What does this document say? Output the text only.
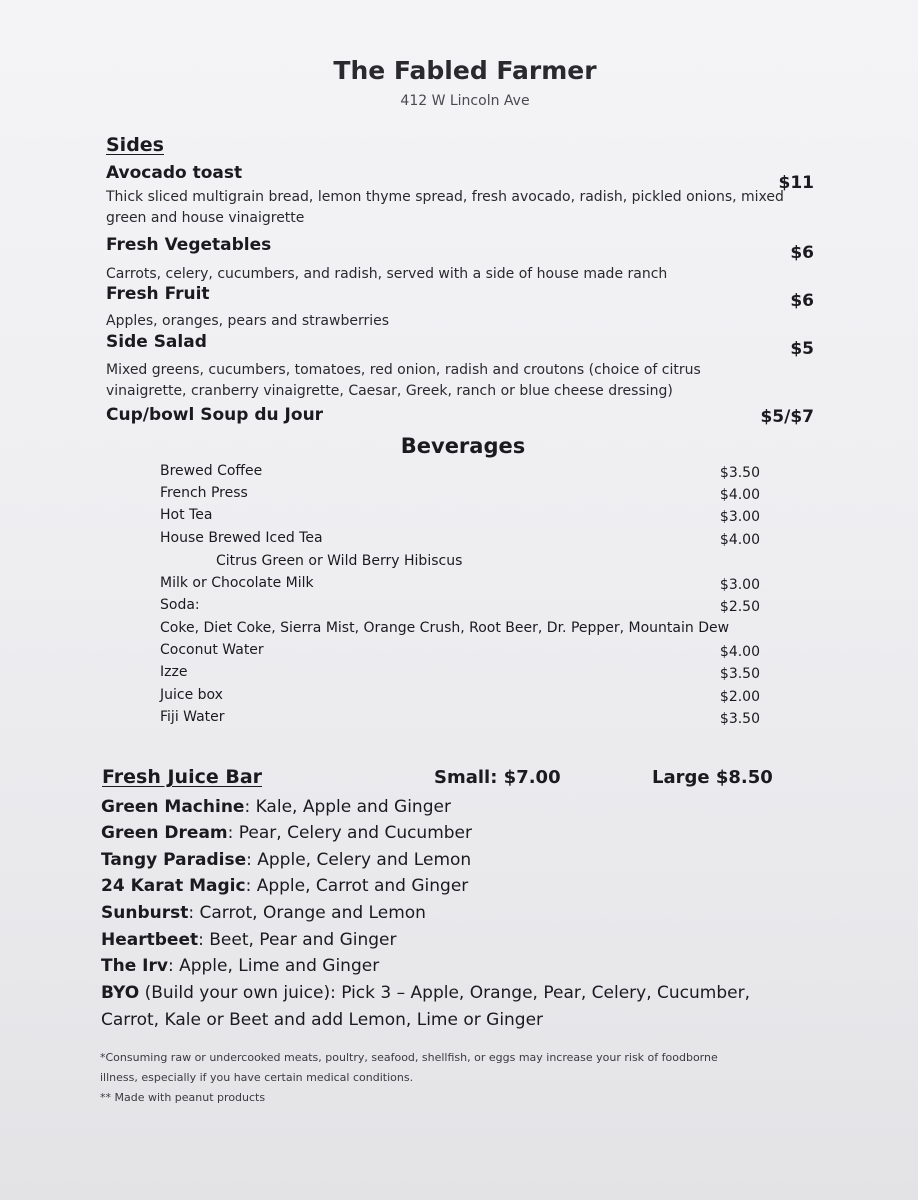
The Fabled Farmer
412 W Lincoln Ave
Sides
Avocado toast	$11
Thick sliced multigrain bread, lemon thyme spread, fresh avocado, radish, pickled onions, mixed green and house vinaigrette
Fresh Vegetables	$6
Carrots, celery, cucumbers, and radish, served with a side of house made ranch
Fresh Fruit	$6
Apples, oranges, pears and strawberries
Side Salad	$5
Mixed greens, cucumbers, tomatoes, red onion, radish and croutons (choice of citrus vinaigrette, cranberry vinaigrette, Caesar, Greek, ranch or blue cheese dressing)
Cup/bowl Soup du Jour	$5/$7
Beverages
Brewed Coffee	$3.50
French Press	$4.00
Hot Tea	$3.00
House Brewed Iced Tea	$4.00
Citrus Green or Wild Berry Hibiscus
Milk or Chocolate Milk	$3.00
Soda:	$2.50
Coke, Diet Coke, Sierra Mist, Orange Crush, Root Beer, Dr. Pepper, Mountain Dew
Coconut Water	$4.00
Izze	$3.50
Juice box	$2.00
Fiji Water	$3.50
Fresh Juice Bar	Small: $7.00	Large $8.50
Green Machine: Kale, Apple and Ginger
Green Dream: Pear, Celery and Cucumber
Tangy Paradise: Apple, Celery and Lemon
24 Karat Magic: Apple, Carrot and Ginger
Sunburst: Carrot, Orange and Lemon
Heartbeet: Beet, Pear and Ginger
The Irv: Apple, Lime and Ginger
BYO (Build your own juice): Pick 3 – Apple, Orange, Pear, Celery, Cucumber,
Carrot, Kale or Beet and add Lemon, Lime or Ginger
*Consuming raw or undercooked meats, poultry, seafood, shellfish, or eggs may increase your risk of foodborne
illness, especially if you have certain medical conditions.
** Made with peanut products
